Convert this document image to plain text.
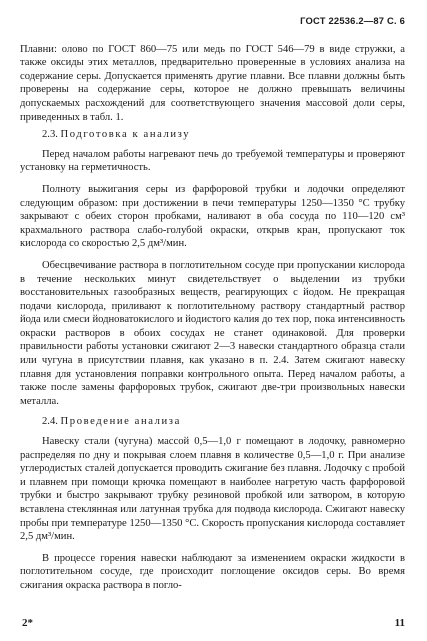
ГОСТ 22536.2—87 С. 6

Плавни: олово по ГОСТ 860—75 или медь по ГОСТ 546—79 в виде стружки, а также оксиды этих металлов, предварительно проверенные в условиях анализа на содержание серы. Допускается применять другие плавни. Все плавни должны быть проверены на содержание серы, которое не должно превышать величины допускаемых расхождений для соответствующего значения массовой доли серы, приведенных в табл. 1.

2.3. Подготовка к анализу

Перед началом работы нагревают печь до требуемой температуры и проверяют установку на герметичность.

Полноту выжигания серы из фарфоровой трубки и лодочки определяют следующим образом: при достижении в печи температуры 1250—1350 °С трубку закрывают с обеих сторон пробками, наливают в оба сосуда по 110—120 см³ крахмального раствора слабо-голубой окраски, открыв кран, пропускают ток кислорода со скоростью 2,5 дм³/мин.

Обесцвечивание раствора в поглотительном сосуде при пропускании кислорода в течение нескольких минут свидетельствует о выделении из трубки восстановительных газообразных веществ, реагирующих с йодом. Не прекращая подачи кислорода, приливают к поглотительному раствору стандартный раствор йода или смеси йодноватокислого и йодистого калия до тех пор, пока интенсивность окраски растворов в обоих сосудах не станет одинаковой. Для проверки правильности работы установки сжигают 2—3 навески стандартного образца стали или чугуна в присутствии плавня, как указано в п. 2.4. Затем сжигают навеску плавня для установления поправки контрольного опыта. Перед началом работы, а также после замены фарфоровых трубок, сжигают две-три произвольных навески металла.

2.4. Проведение анализа

Навеску стали (чугуна) массой 0,5—1,0 г помещают в лодочку, равномерно распределяя по дну и покрывая слоем плавня в количестве 0,5—1,0 г. При анализе углеродистых сталей допускается проводить сжигание без плавня. Лодочку с пробой и плавнем при помощи крючка помещают в наиболее нагретую часть фарфоровой трубки и быстро закрывают трубку резиновой пробкой или затвором, в которую вставлена стеклянная или латунная трубка для подвода кислорода. Сжигают навеску пробы при температуре 1250—1350 °С. Скорость пропускания кислорода составляет 2,5 дм³/мин.

В процессе горения навески наблюдают за изменением окраски жидкости в поглотительном сосуде, где происходит поглощение оксидов серы. Во время сжигания окраска раствора в погло-

2*	11
